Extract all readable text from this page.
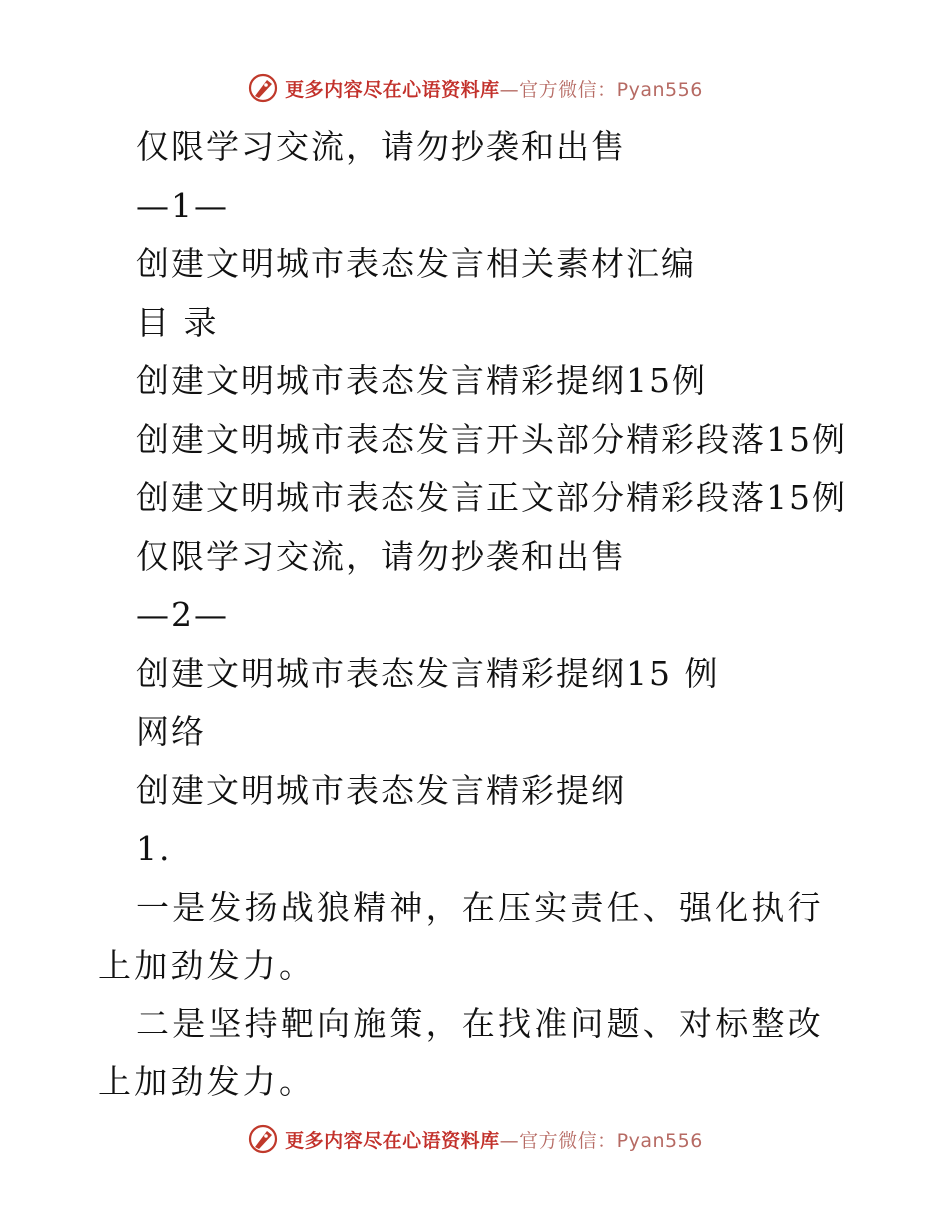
更多内容尽在心语资料库 —官方微信：Pyan556
仅限学习交流，请勿抄袭和出售
—1—
创建文明城市表态发言相关素材汇编
目 录
创建文明城市表态发言精彩提纲15例
创建文明城市表态发言开头部分精彩段落15例
创建文明城市表态发言正文部分精彩段落15例
仅限学习交流，请勿抄袭和出售
—2—
创建文明城市表态发言精彩提纲15 例
网络
创建文明城市表态发言精彩提纲
1.

一是发扬战狼精神，在压实责任、强化执行上加劲发力。

二是坚持靶向施策，在找准问题、对标整改上加劲发力。

更多内容尽在心语资料库 —官方微信：Pyan556
